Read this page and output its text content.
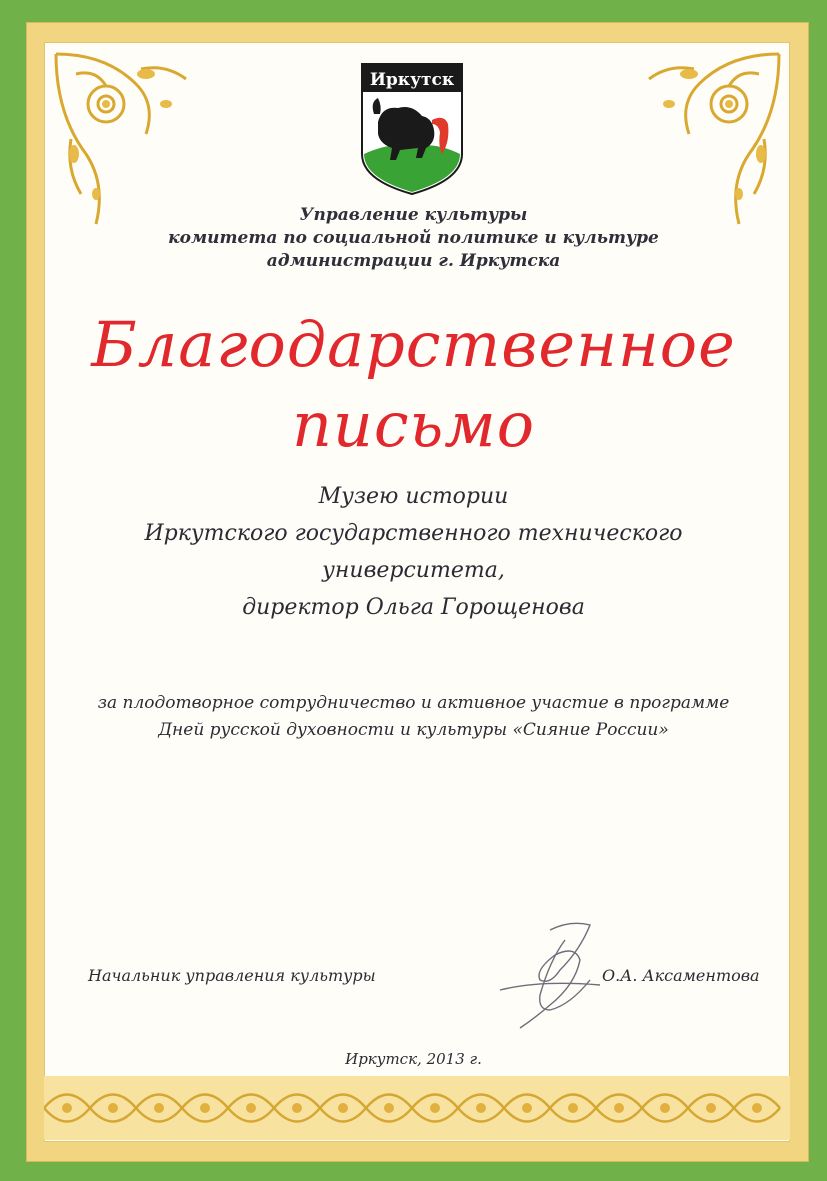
Иркутск
Управление культуры
комитета по социальной политике и культуре
администрации г. Иркутска
Благодарственное
письмо
Музею истории
Иркутского государственного технического
университета,
директор Ольга Горощенова
за плодотворное сотрудничество и активное участие в программе
Дней русской духовности и культуры «Сияние России»
Начальник управления культуры	О.А. Аксаментова
Иркутск, 2013 г.
